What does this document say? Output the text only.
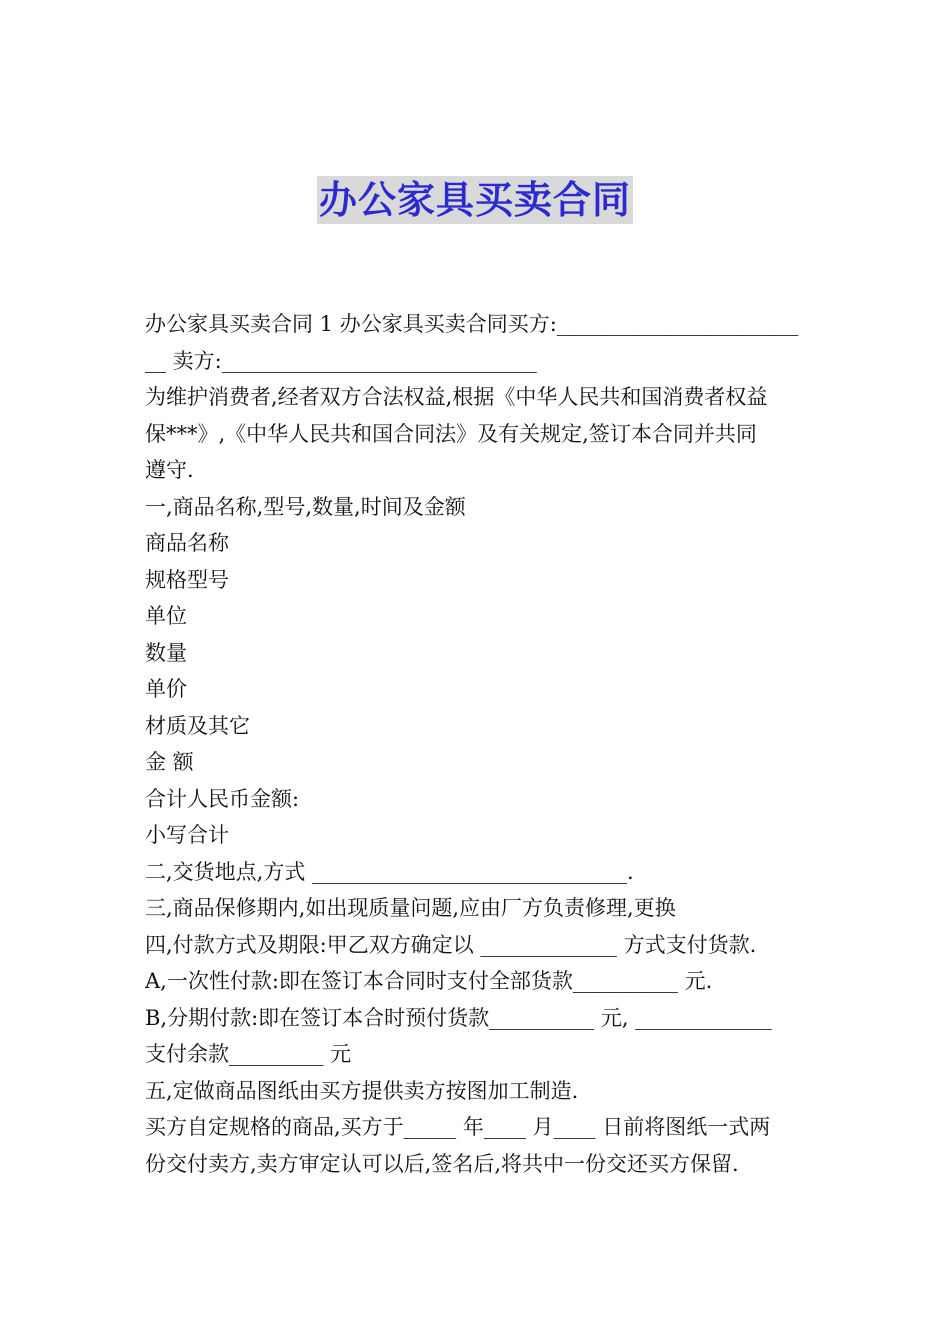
办公家具买卖合同
办公家具买卖合同 1 办公家具买卖合同买方:_______________________
__ 卖方:______________________________
为维护消费者,经者双方合法权益,根据《中华人民共和国消费者权益
保***》,《中华人民共和国合同法》及有关规定,签订本合同并共同
遵守.
一,商品名称,型号,数量,时间及金额
商品名称
规格型号
单位
数量
单价
材质及其它
金 额
合计人民币金额:
小写合计
二,交货地点,方式 ______________________________.
三,商品保修期内,如出现质量问题,应由厂方负责修理,更换
四,付款方式及期限:甲乙双方确定以 _____________ 方式支付货款.
A,一次性付款:即在签订本合同时支付全部货款__________ 元.
B,分期付款:即在签订本合时预付货款__________ 元, _____________
支付余款_________ 元
五,定做商品图纸由买方提供卖方按图加工制造.
买方自定规格的商品,买方于_____ 年____ 月____ 日前将图纸一式两
份交付卖方,卖方审定认可以后,签名后,将共中一份交还买方保留.
